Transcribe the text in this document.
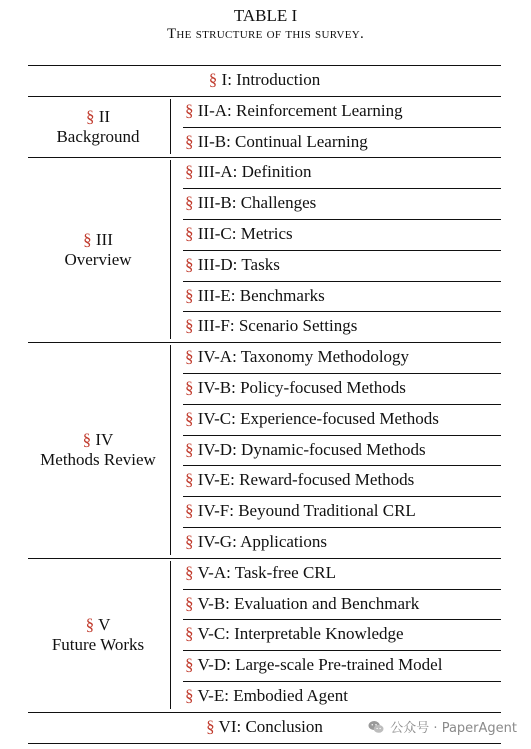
TABLE I
The structure of this survey.
§ I: Introduction
§ II-A: Reinforcement Learning
§ II-B: Continual Learning
§ II
Background
§ III-A: Definition
§ III-B: Challenges
§ III-C: Metrics
§ III-D: Tasks
§ III-E: Benchmarks
§ III-F: Scenario Settings
§ III
Overview
§ IV-A: Taxonomy Methodology
§ IV-B: Policy-focused Methods
§ IV-C: Experience-focused Methods
§ IV-D: Dynamic-focused Methods
§ IV-E: Reward-focused Methods
§ IV-F: Beyound Traditional CRL
§ IV-G: Applications
§ IV
Methods Review
§ V-A: Task-free CRL
§ V-B: Evaluation and Benchmark
§ V-C: Interpretable Knowledge
§ V-D: Large-scale Pre-trained Model
§ V-E: Embodied Agent
§ V
Future Works
§ VI: Conclusion	公众号 · PaperAgent
